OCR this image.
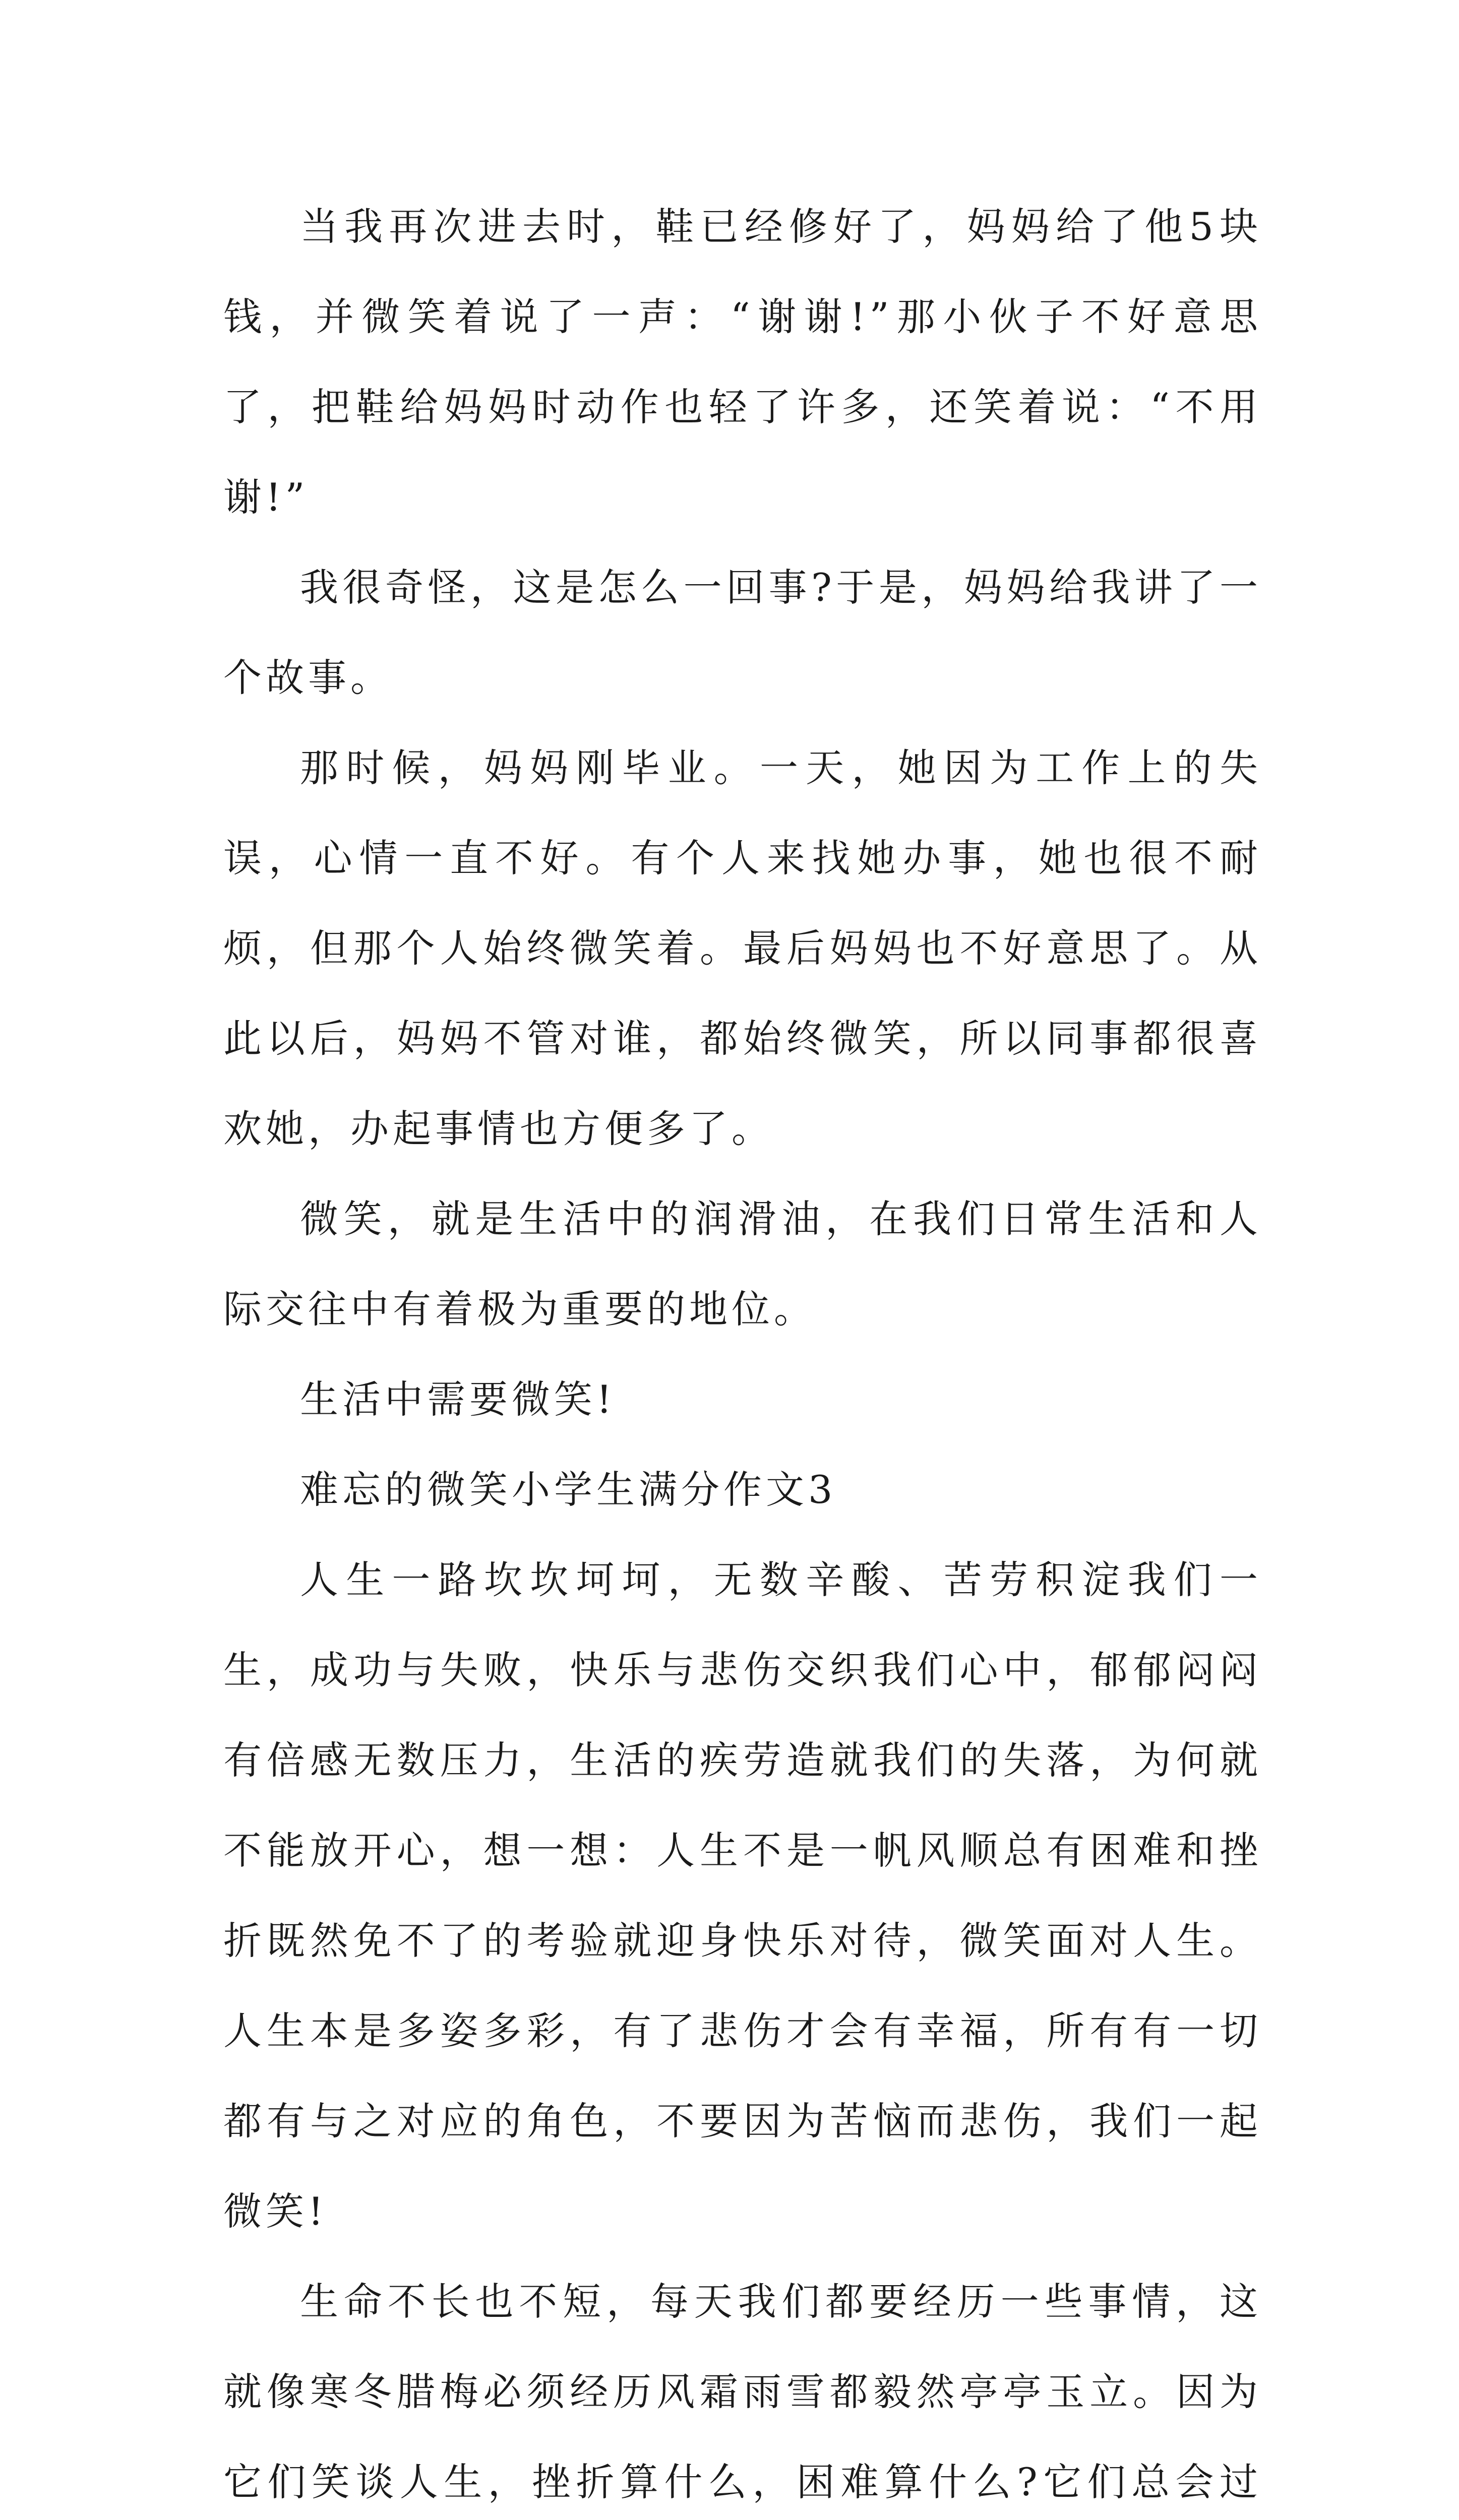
当我再次进去时，鞋已经修好了，妈妈给了他5块钱，并微笑着说了一声：“谢谢!”那小伙子不好意思了，把鞋给妈妈时动作也轻了许多，还笑着说：“不用谢!”

我很奇怪，这是怎么一回事?于是，妈妈给我讲了一个故事。

那时候，妈妈刚毕业。一天，她因为工作上的失误，心情一直不好。有个人来找她办事，她也很不耐烦，但那个人始终微笑着。最后妈妈也不好意思了。从此以后，妈妈不管对谁，都始终微笑，所以同事都很喜欢她，办起事情也方便多了。

微笑，就是生活中的润滑油，在我们日常生活和人际交往中有着极为重要的地位。

生活中需要微笑!

难忘的微笑小学生满分作文3

人生一路坎坎坷坷，无数辛酸、苦劳积淀我们一生，成功与失败，快乐与悲伤交织我们心中，郁郁闷闷有倍感无数压力，生活的疾劳造就我们的失落，为何就不能放开心，想一想：人生不是一帆风顺总有困难和挫折既然免不了的考验就迎身快乐对待，微笑面对人生。人生本是多姿多彩，有了悲伤才会有幸福，所有有一切都有与之对应的角色，不要因为苦恼而悲伤，我们一起微笑!

生命不长也不短，每天我们都要经历一些事情，这就像寒冬腊梅必须经历风霜雨雪都毅然亭亭玉立。因为它们笑谈人生，挫折算什么，困难算什么?它们总会过
